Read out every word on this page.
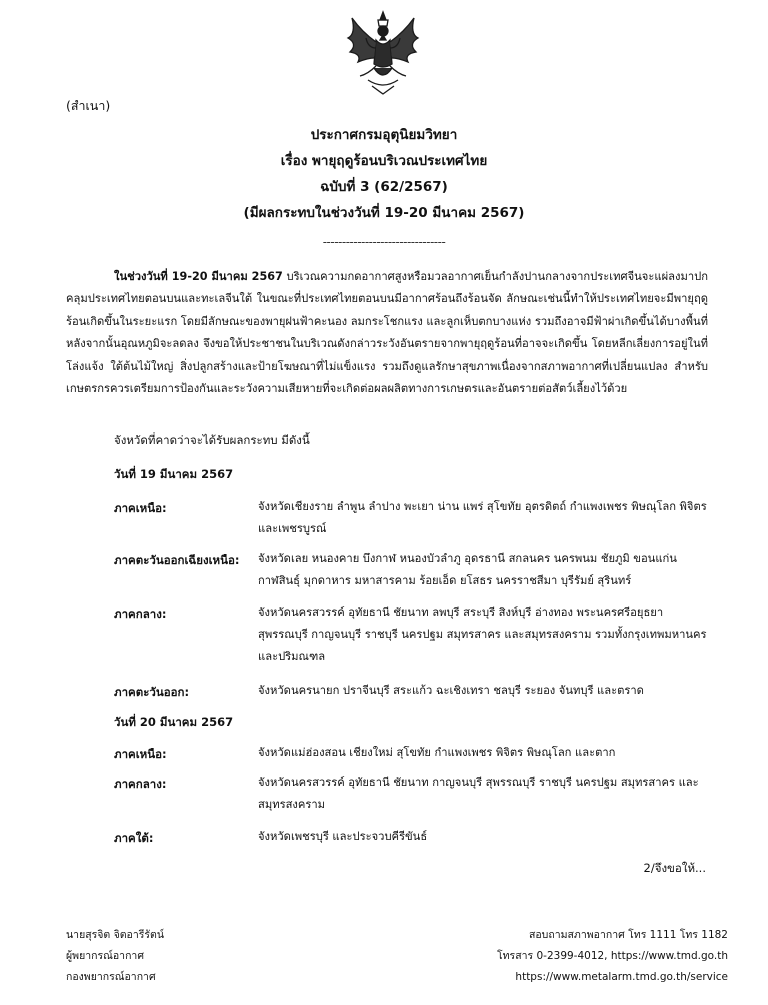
(สำเนา)
ประกาศกรมอุตุนิยมวิทยา
เรื่อง พายุฤดูร้อนบริเวณประเทศไทย
ฉบับที่ 3 (62/2567)
(มีผลกระทบในช่วงวันที่ 19-20 มีนาคม 2567)
--------------------------------
ในช่วงวันที่ 19-20 มีนาคม 2567 บริเวณความกดอากาศสูงหรือมวลอากาศเย็นกำลังปานกลางจากประเทศจีนจะแผ่ลงมาปกคลุมประเทศไทยตอนบนและทะเลจีนใต้ ในขณะที่ประเทศไทยตอนบนมีอากาศร้อนถึงร้อนจัด ลักษณะเช่นนี้ทำให้ประเทศไทยจะมีพายุฤดูร้อนเกิดขึ้นในระยะแรก โดยมีลักษณะของพายุฝนฟ้าคะนอง ลมกระโชกแรง และลูกเห็บตกบางแห่ง รวมถึงอาจมีฟ้าผ่าเกิดขึ้นได้บางพื้นที่ หลังจากนั้นอุณหภูมิจะลดลง จึงขอให้ประชาชนในบริเวณดังกล่าวระวังอันตรายจากพายุฤดูร้อนที่อาจจะเกิดขึ้น โดยหลีกเลี่ยงการอยู่ในที่โล่งแจ้ง ใต้ต้นไม้ใหญ่ สิ่งปลูกสร้างและป้ายโฆษณาที่ไม่แข็งแรง รวมถึงดูแลรักษาสุขภาพเนื่องจากสภาพอากาศที่เปลี่ยนแปลง สำหรับเกษตรกรควรเตรียมการป้องกันและระวังความเสียหายที่จะเกิดต่อผลผลิตทางการเกษตรและอันตรายต่อสัตว์เลี้ยงไว้ด้วย
จังหวัดที่คาดว่าจะได้รับผลกระทบ มีดังนี้
วันที่ 19 มีนาคม 2567
ภาคเหนือ:	จังหวัดเชียงราย ลำพูน ลำปาง พะเยา น่าน แพร่ สุโขทัย อุตรดิตถ์ กำแพงเพชร พิษณุโลก พิจิตร และเพชรบูรณ์
ภาคตะวันออกเฉียงเหนือ: จังหวัดเลย หนองคาย บึงกาฬ หนองบัวลำภู อุดรธานี สกลนคร นครพนม ชัยภูมิ ขอนแก่น กาฬสินธุ์ มุกดาหาร มหาสารคาม ร้อยเอ็ด ยโสธร นครราชสีมา บุรีรัมย์ สุรินทร์
ภาคกลาง:	จังหวัดนครสวรรค์ อุทัยธานี ชัยนาท ลพบุรี สระบุรี สิงห์บุรี อ่างทอง พระนครศรีอยุธยา สุพรรณบุรี กาญจนบุรี ราชบุรี นครปฐม สมุทรสาคร และสมุทรสงคราม รวมทั้งกรุงเทพมหานครและปริมณฑล
ภาคตะวันออก:	จังหวัดนครนายก ปราจีนบุรี สระแก้ว ฉะเชิงเทรา ชลบุรี ระยอง จันทบุรี และตราด
วันที่ 20 มีนาคม 2567
ภาคเหนือ:	จังหวัดแม่ฮ่องสอน เชียงใหม่ สุโขทัย กำแพงเพชร พิจิตร พิษณุโลก และตาก
ภาคกลาง:	จังหวัดนครสวรรค์ อุทัยธานี ชัยนาท กาญจนบุรี สุพรรณบุรี ราชบุรี นครปฐม สมุทรสาคร และสมุทรสงคราม
ภาคใต้:	จังหวัดเพชรบุรี และประจวบคีรีขันธ์
2/จึงขอให้...
นายสุรจิต จิตอารีรัตน์
ผู้พยากรณ์อากาศ
กองพยากรณ์อากาศ
สอบถามสภาพอากาศ โทร 1111 โทร 1182
โทรสาร 0-2399-4012, https://www.tmd.go.th
https://www.metalarm.tmd.go.th/service
